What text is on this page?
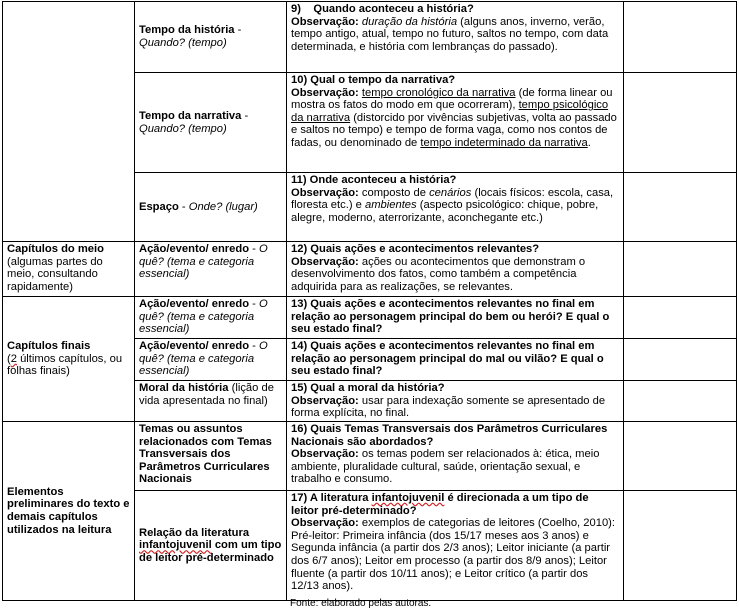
	Tempo da história - Quando? (tempo)	9) Quando aconteceu a história?
Observação: duração da história (alguns anos, inverno, verão, tempo antigo, atual, tempo no futuro, saltos no tempo, com data determinada, e história com lembranças do passado).	
	Tempo da narrativa - Quando? (tempo)	10) Qual o tempo da narrativa?
Observação: tempo cronológico da narrativa (de forma linear ou mostra os fatos do modo em que ocorreram), tempo psicológico da narrativa (distorcido por vivências subjetivas, volta ao passado e saltos no tempo) e tempo de forma vaga, como nos contos de fadas, ou denominado de tempo indeterminado da narrativa.	
	Espaço - Onde? (lugar)	11) Onde aconteceu a história?
Observação: composto de cenários (locais físicos: escola, casa, floresta etc.) e ambientes (aspecto psicológico: chique, pobre, alegre, moderno, aterrorizante, aconchegante etc.)	
Capítulos do meio
(algumas partes do meio, consultando rapidamente)	Ação/evento/ enredo - O quê? (tema e categoria essencial)	12) Quais ações e acontecimentos relevantes?
Observação: ações ou acontecimentos que demonstram o desenvolvimento dos fatos, como também a competência adquirida para as realizações, se relevantes.	
Capítulos finais
(2 últimos capítulos, ou folhas finais)	Ação/evento/ enredo - O quê? (tema e categoria essencial)	13) Quais ações e acontecimentos relevantes no final em relação ao personagem principal do bem ou herói? E qual o seu estado final?	

	Ação/evento/ enredo - O quê? (tema e categoria essencial)	14) Quais ações e acontecimentos relevantes no final em relação ao personagem principal do mal ou vilão? E qual o seu estado final?	

	Moral da história (lição de vida apresentada no final)	15) Qual a moral da história?
Observação: usar para indexação somente se apresentado de forma explícita, no final.	
Elementos preliminares do texto e demais capítulos utilizados na leitura	Temas ou assuntos relacionados com Temas Transversais dos Parâmetros Curriculares Nacionais	16) Quais Temas Transversais dos Parâmetros Curriculares Nacionais são abordados?
Observação: os temas podem ser relacionados à: ética, meio ambiente, pluralidade cultural, saúde, orientação sexual, e trabalho e consumo.	
	Relação da literatura infantojuvenil com um tipo de leitor pré-determinado	17) A literatura infantojuvenil é direcionada a um tipo de leitor pré-determinado?
Observação: exemplos de categorias de leitores (Coelho, 2010): Pré-leitor: Primeira infância (dos 15/17 meses aos 3 anos) e Segunda infância (a partir dos 2/3 anos); Leitor iniciante (a partir dos 6/7 anos); Leitor em processo (a partir dos 8/9 anos); Leitor fluente (a partir dos 10/11 anos); e Leitor crítico (a partir dos 12/13 anos).	
Fonte: elaborado pelas autoras.
